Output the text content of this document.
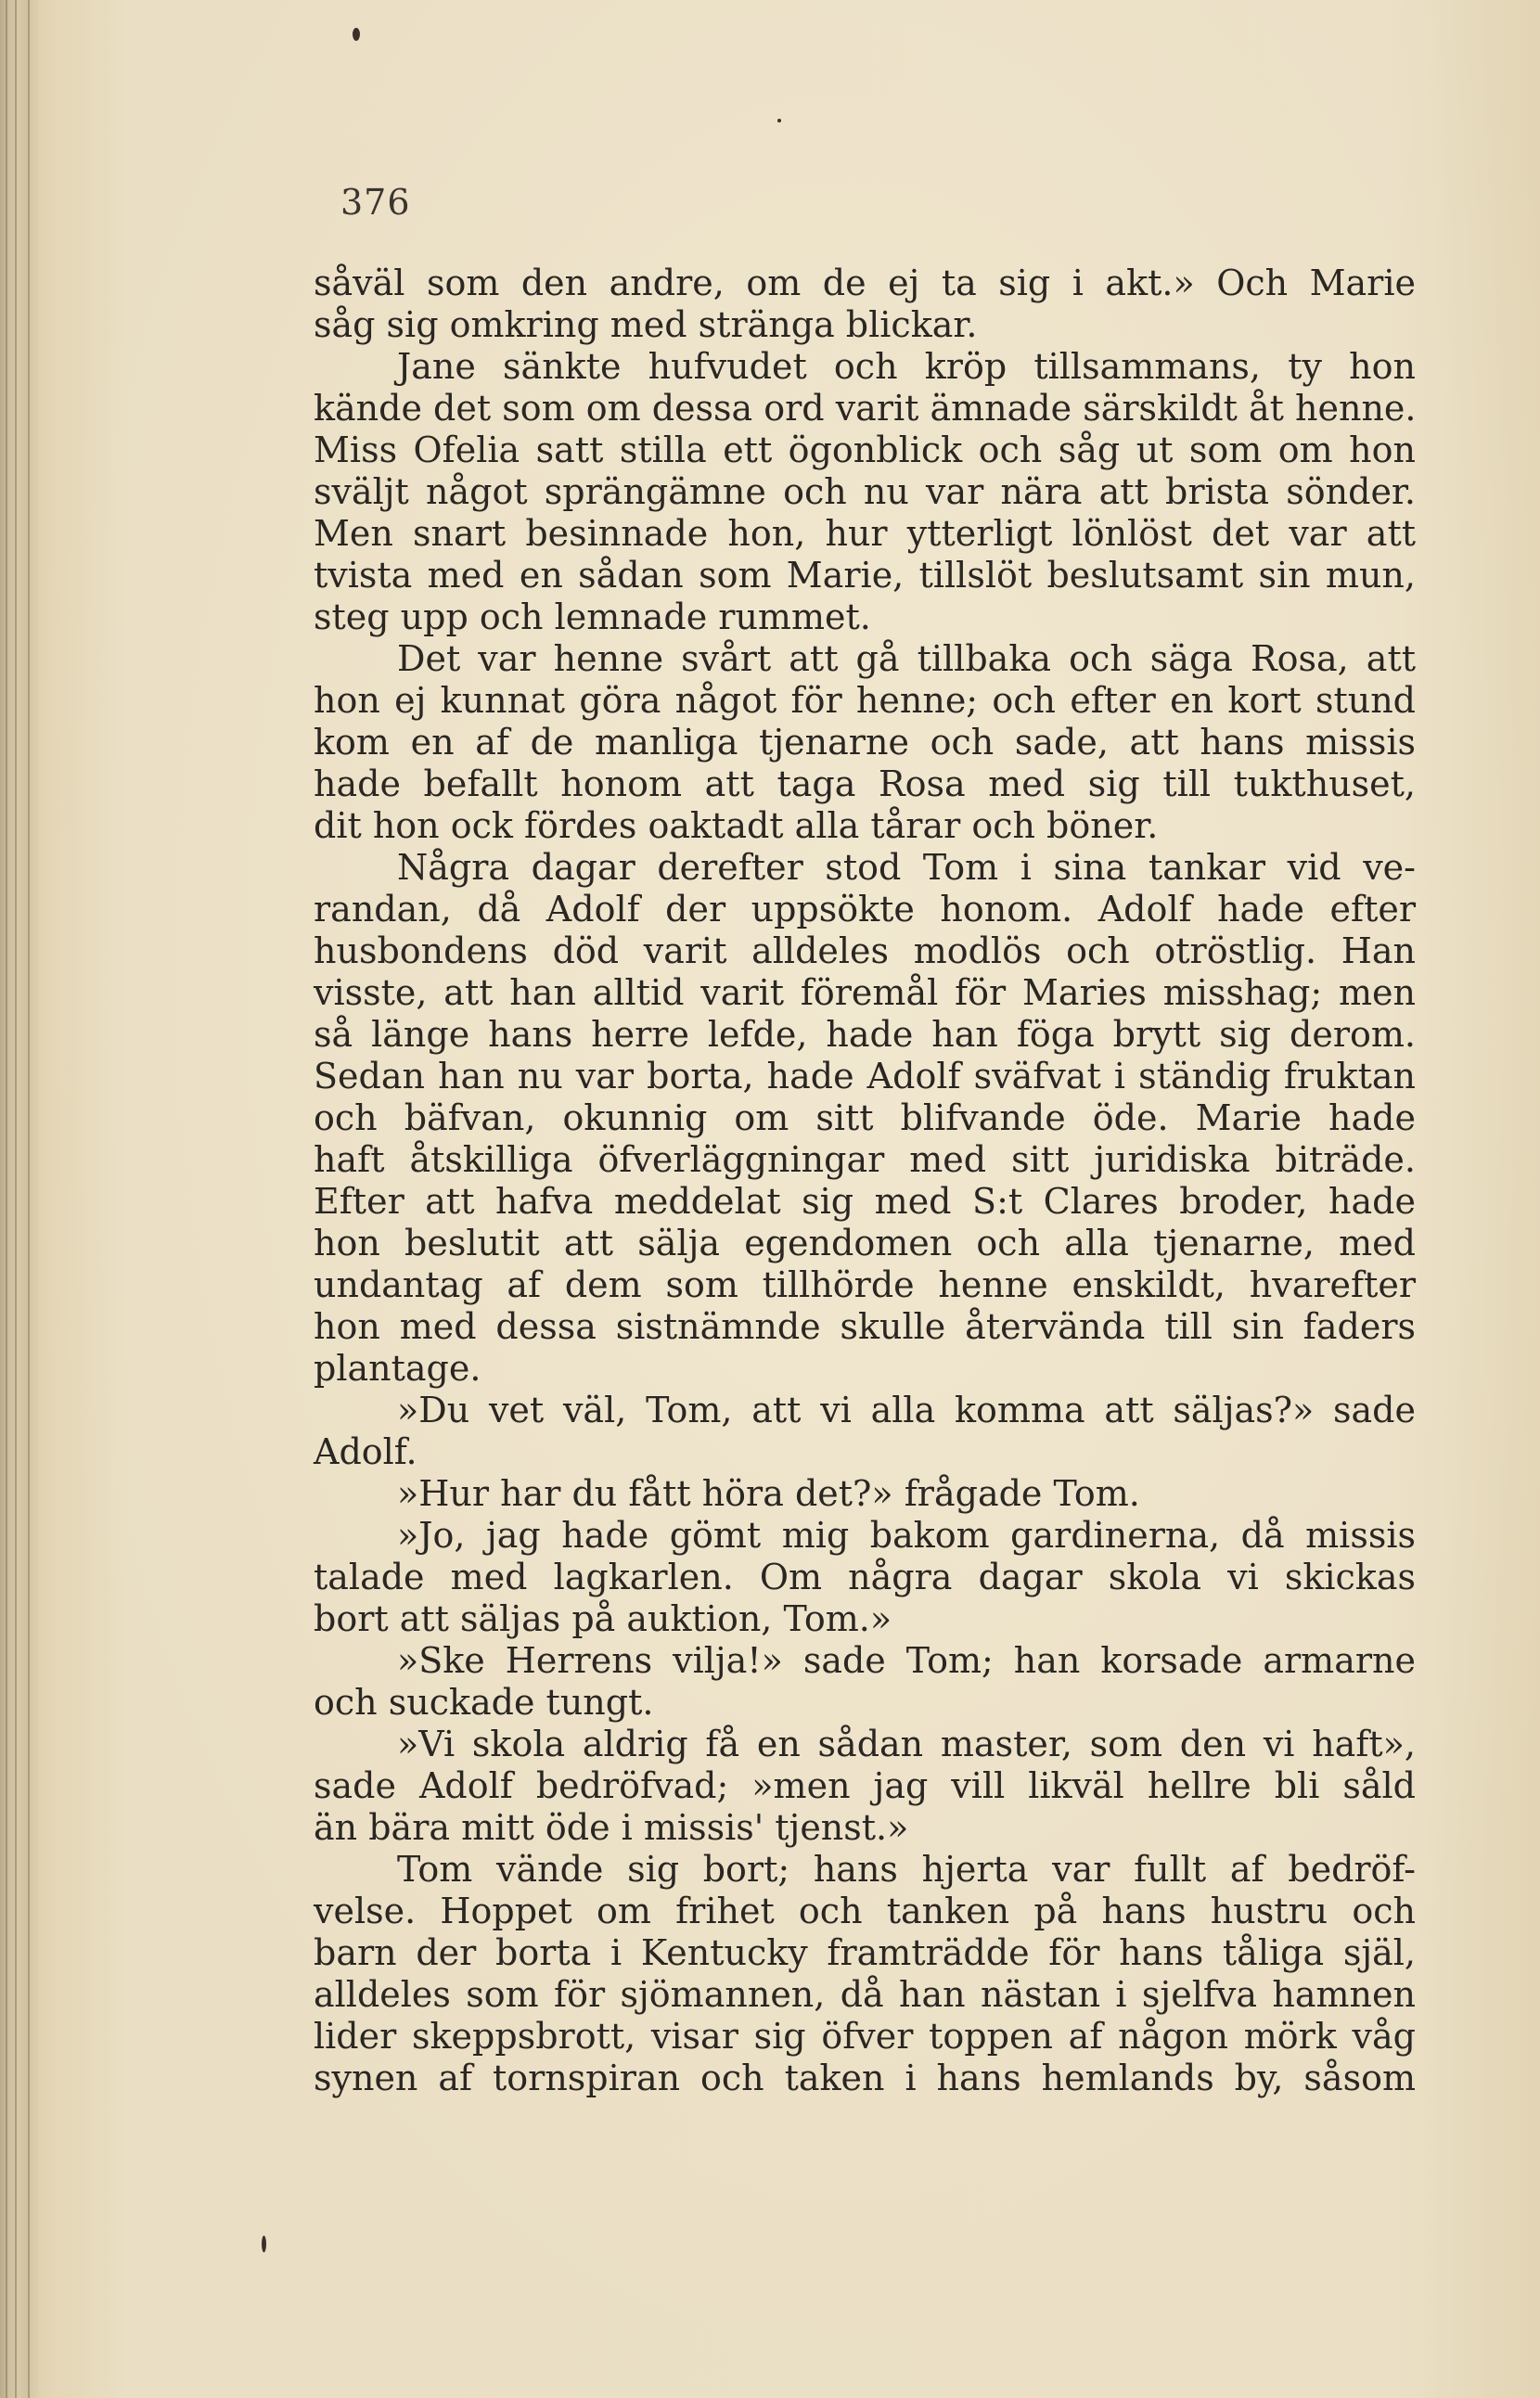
376
såväl som den andre, om de ej ta sig i akt.» Och Marie
såg sig omkring med stränga blickar.
Jane sänkte hufvudet och kröp tillsammans, ty hon
kände det som om dessa ord varit ämnade särskildt åt henne.
Miss Ofelia satt stilla ett ögonblick och såg ut som om hon
sväljt något sprängämne och nu var nära att brista sönder.
Men snart besinnade hon, hur ytterligt lönlöst det var att
tvista med en sådan som Marie, tillslöt beslutsamt sin mun,
steg upp och lemnade rummet.
Det var henne svårt att gå tillbaka och säga Rosa, att
hon ej kunnat göra något för henne; och efter en kort stund
kom en af de manliga tjenarne och sade, att hans missis
hade befallt honom att taga Rosa med sig till tukthuset,
dit hon ock fördes oaktadt alla tårar och böner.
Några dagar derefter stod Tom i sina tankar vid ve-
randan, då Adolf der uppsökte honom. Adolf hade efter
husbondens död varit alldeles modlös och otröstlig. Han
visste, att han alltid varit föremål för Maries misshag; men
så länge hans herre lefde, hade han föga brytt sig derom.
Sedan han nu var borta, hade Adolf sväfvat i ständig fruktan
och bäfvan, okunnig om sitt blifvande öde. Marie hade
haft åtskilliga öfverläggningar med sitt juridiska biträde.
Efter att hafva meddelat sig med S:t Clares broder, hade
hon beslutit att sälja egendomen och alla tjenarne, med
undantag af dem som tillhörde henne enskildt, hvarefter
hon med dessa sistnämnde skulle återvända till sin faders
plantage.
»Du vet väl, Tom, att vi alla komma att säljas?» sade
Adolf.
»Hur har du fått höra det?» frågade Tom.
»Jo, jag hade gömt mig bakom gardinerna, då missis
talade med lagkarlen. Om några dagar skola vi skickas
bort att säljas på auktion, Tom.»
»Ske Herrens vilja!» sade Tom; han korsade armarne
och suckade tungt.
»Vi skola aldrig få en sådan master, som den vi haft»,
sade Adolf bedröfvad; »men jag vill likväl hellre bli såld
än bära mitt öde i missis' tjenst.»
Tom vände sig bort; hans hjerta var fullt af bedröf-
velse. Hoppet om frihet och tanken på hans hustru och
barn der borta i Kentucky framträdde för hans tåliga själ,
alldeles som för sjömannen, då han nästan i sjelfva hamnen
lider skeppsbrott, visar sig öfver toppen af någon mörk våg
synen af tornspiran och taken i hans hemlands by, såsom
